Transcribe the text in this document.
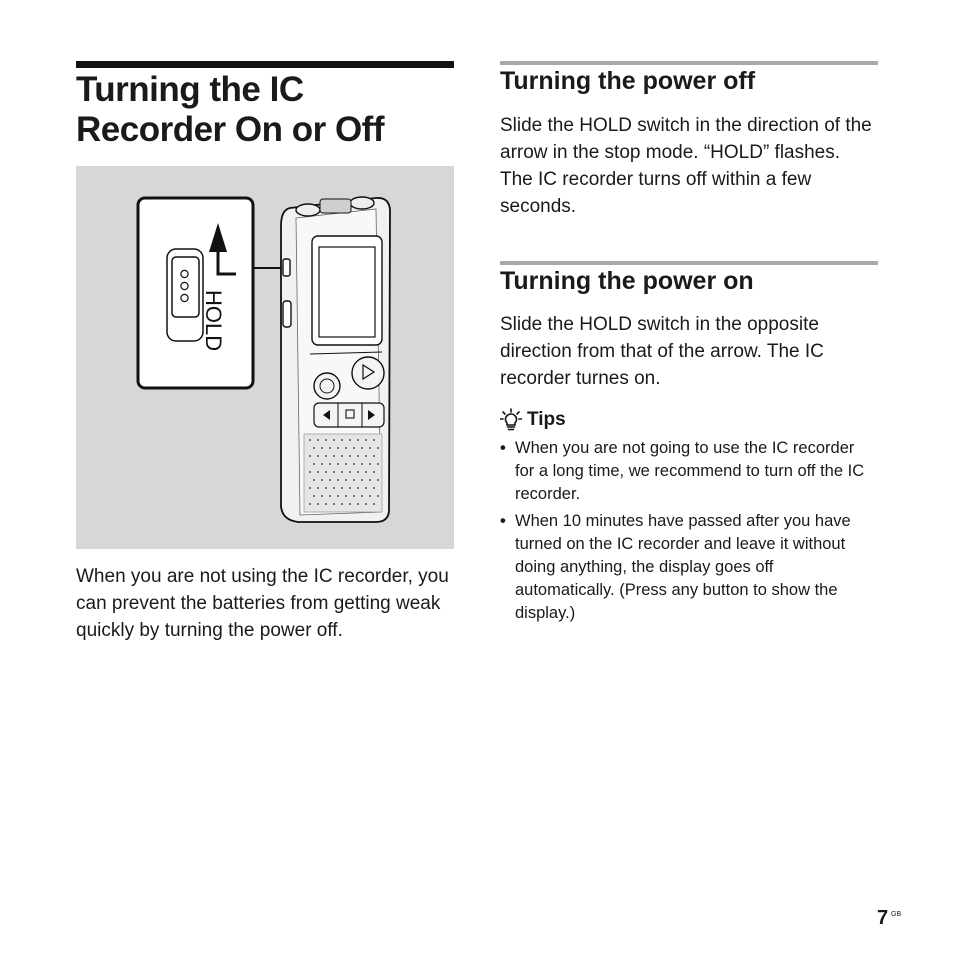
Turning the IC Recorder On or Off
HOLD

When you are not using the IC recorder, you can prevent the batteries from getting weak quickly by turning the power off.

Turning the power off

Slide the HOLD switch in the direction of the arrow in the stop mode. “HOLD” flashes. The IC recorder turns off within a few seconds.

Turning the power on

Slide the HOLD switch in the opposite direction from that of the arrow. The IC recorder turnes on.

Tips
• When you are not going to use the IC recorder for a long time, we recommend to turn off the IC recorder.
• When 10 minutes have passed after you have turned on the IC recorder and leave it without doing anything, the display goes off automatically. (Press any button to show the display.)
7 GB
